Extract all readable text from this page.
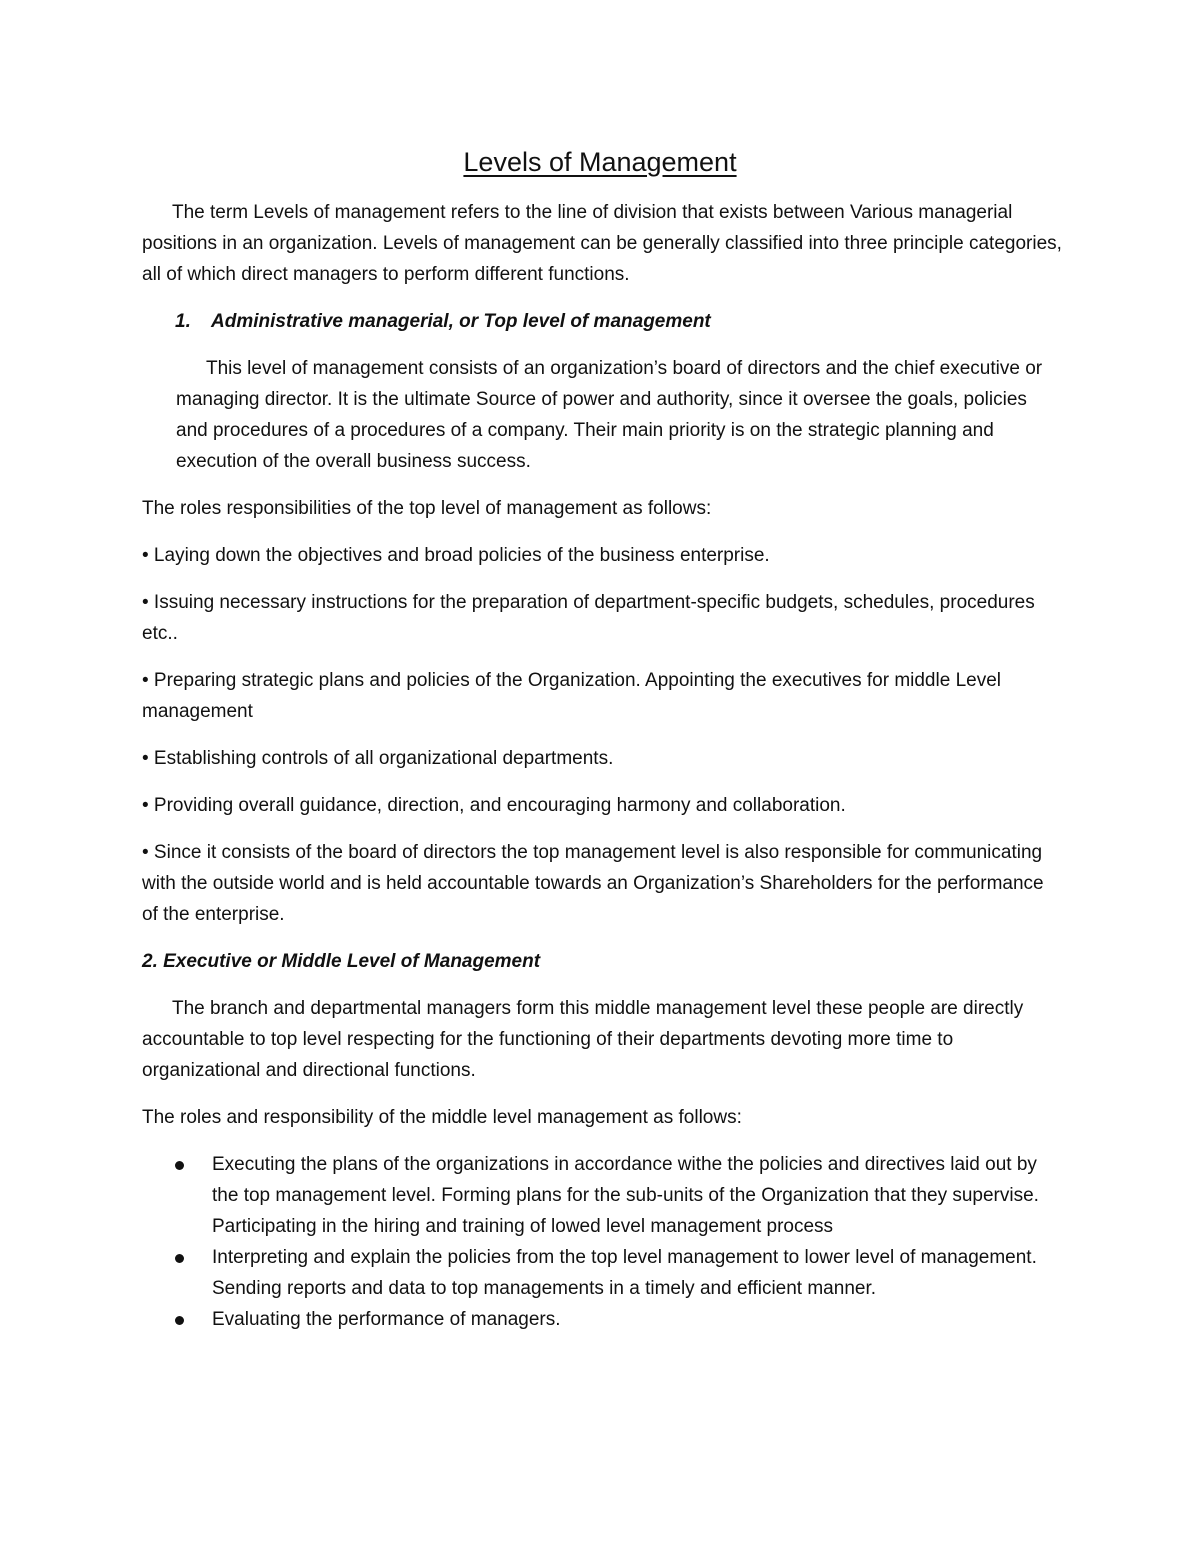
Levels of Management

The term Levels of management refers to the line of division that exists between Various managerial positions in an organization. Levels of management can be generally classified into three principle categories, all of which direct managers to perform different functions.

1. Administrative managerial, or Top level of management

This level of management consists of an organization’s board of directors and the chief executive or managing director. It is the ultimate Source of power and authority, since it oversee the goals, policies and procedures of a procedures of a company. Their main priority is on the strategic planning and execution of the overall business success.

The roles responsibilities of the top level of management as follows:

• Laying down the objectives and broad policies of the business enterprise.

• Issuing necessary instructions for the preparation of department-specific budgets, schedules, procedures etc..

• Preparing strategic plans and policies of the Organization. Appointing the executives for middle Level management

• Establishing controls of all organizational departments.

• Providing overall guidance, direction, and encouraging harmony and collaboration.

• Since it consists of the board of directors the top management level is also responsible for communicating with the outside world and is held accountable towards an Organization’s Shareholders for the performance of the enterprise.

2. Executive or Middle Level of Management

The branch and departmental managers form this middle management level these people are directly accountable to top level respecting for the functioning of their departments devoting more time to organizational and directional functions.

The roles and responsibility of the middle level management as follows:

Executing the plans of the organizations in accordance withe the policies and directives laid out by the top management level. Forming plans for the sub-units of the Organization that they supervise. Participating in the hiring and training of lowed level management process
Interpreting and explain the policies from the top level management to lower level of management. Sending reports and data to top managements in a timely and efficient manner.
Evaluating the performance of managers.
